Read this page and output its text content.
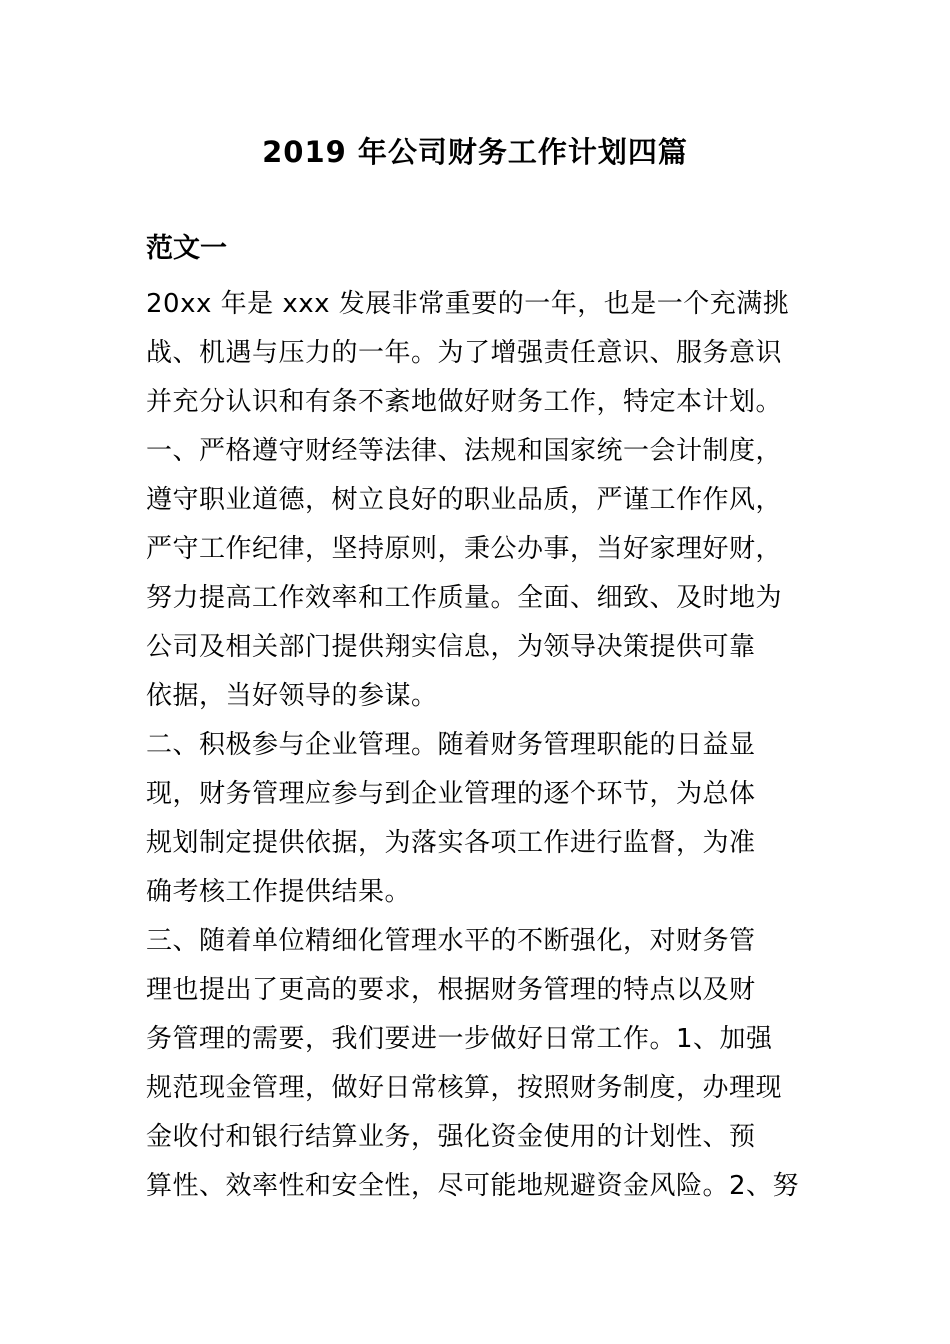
2019 年公司财务工作计划四篇
范文一
20xx 年是 xxx 发展非常重要的一年，也是一个充满挑
战、机遇与压力的一年。为了增强责任意识、服务意识
并充分认识和有条不紊地做好财务工作，特定本计划。
一、严格遵守财经等法律、法规和国家统一会计制度，
遵守职业道德，树立良好的职业品质，严谨工作作风，
严守工作纪律，坚持原则，秉公办事，当好家理好财，
努力提高工作效率和工作质量。全面、细致、及时地为
公司及相关部门提供翔实信息，为领导决策提供可靠
依据，当好领导的参谋。
二、积极参与企业管理。随着财务管理职能的日益显
现，财务管理应参与到企业管理的逐个环节，为总体
规划制定提供依据，为落实各项工作进行监督，为准
确考核工作提供结果。
三、随着单位精细化管理水平的不断强化，对财务管
理也提出了更高的要求，根据财务管理的特点以及财
务管理的需要，我们要进一步做好日常工作。1、加强
规范现金管理，做好日常核算，按照财务制度，办理现
金收付和银行结算业务，强化资金使用的计划性、预
算性、效率性和安全性，尽可能地规避资金风险。2、努
